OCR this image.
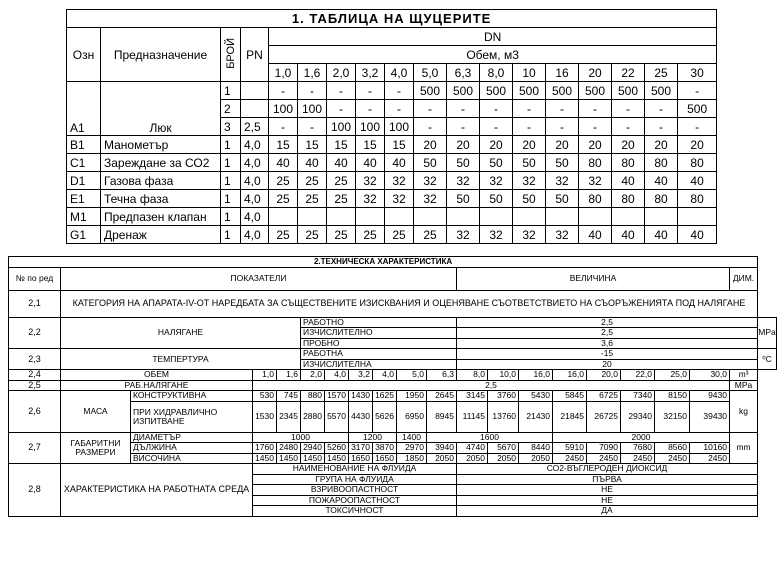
1. ТАБЛИЦА НА ЩУЦЕРИТЕ																	
Озн	Предназначение	БРОЙ	PN	DN													
				Обем, м3													
				1,0	1,6	2,0	3,2	4,0	5,0	6,3	8,0	10	16	20	22	25	30
А1	Люк	1		-	-	-	-	-	500	500	500	500	500	500	500	500	-
		2		100	100	-	-	-	-	-	-	-	-	-	-	-	500
		3	2,5	-	-	100	100	100	-	-	-	-	-	-	-	-	-
В1	Манометър	1	4,0	15	15	15	15	15	20	20	20	20	20	20	20	20	20
С1	Зареждане за СО2	1	4,0	40	40	40	40	40	50	50	50	50	50	80	80	80	80
D1	Газова фаза	1	4,0	25	25	25	32	32	32	32	32	32	32	32	40	40	40
Е1	Течна фаза	1	4,0	25	25	25	32	32	32	50	50	50	50	80	80	80	80
М1	Предпазен клапан	1	4,0														
G1	Дренаж	1	4,0	25	25	25	25	25	25	32	32	32	32	40	40	40	40
2.ТЕХНИЧЕСКА ХАРАКТЕРИСТИКА																				
№ по ред	ПОКАЗАТЕЛИ										ВЕЛИЧИНА								ДИМ.	
2,1	КАТЕГОРИЯ НА АПАРАТА-IV-ОТ НАРЕДБАТА ЗА СЪЩЕСТВЕНИТЕ ИЗИСКВАНИЯ И ОЦЕНЯВАНЕ СЪОТВЕТСТВИЕТО НА СЪОРЪЖЕНИЯТА ПОД НАЛЯГАНЕ																			
2,2	НАЛЯГАНЕ				РАБОТНО						2,5									MPa
					ИЗЧИСЛИТЕЛНО						2,5									
					ПРОБНО						3,6									
2,3	ТЕМПЕРТУРА				РАБОТНА						-15									⁰C
					ИЗЧИСЛИТЕЛНА						20									
2,4	ОБЕМ		1,0	1,6	2,0	4,0	3,2	4,0	5,0	6,3	8,0	10,0	16,0	16,0	20,0	22,0	25,0	30,0	m³	
2,5	РАБ.НАЛЯГАНЕ		2,5																MPa	
2,6	МАСА	КОНСТРУКТИВНА	530	745	880	1570	1430	1625	1950	2645	3145	3760	5430	5845	6725	7340	8150	9430	kg	
		ПРИ ХИДРАВЛИЧНО ИЗПИТВАНЕ	1530	2345	2880	5570	4430	5626	6950	8945	11145	13760	21430	21845	26725	29340	32150	39430		
2,7	ГАБАРИТНИ РАЗМЕРИ	ДИАМЕТЪР	1000				1200		1400	1600				2000					mm	
		ДЪЛЖИНА	1760	2480	2940	5260	3170	3870	2970	3940	4740	5670	8440	5910	7090	7680	8560	10160		
		ВИСОЧИНА	1450	1450	1450	1450	1650	1650	1850	2050	2050	2050	2050	2450	2450	2450	2450	2450		
2,8	ХАРАКТЕРИСТИКА НА РАБОТНАТА СРЕДА		НАИМЕНОВАНИЕ НА ФЛУИДА								СО2-ВЪГЛЕРОДЕН ДИОКСИД									
			ГРУПА НА ФЛУИДА								ПЪРВА									
			ВЗРИВООПАСТНОСТ								НЕ									
			ПОЖАРООПАСТНОСТ								НЕ									
			ТОКСИЧНОСТ								ДА									
